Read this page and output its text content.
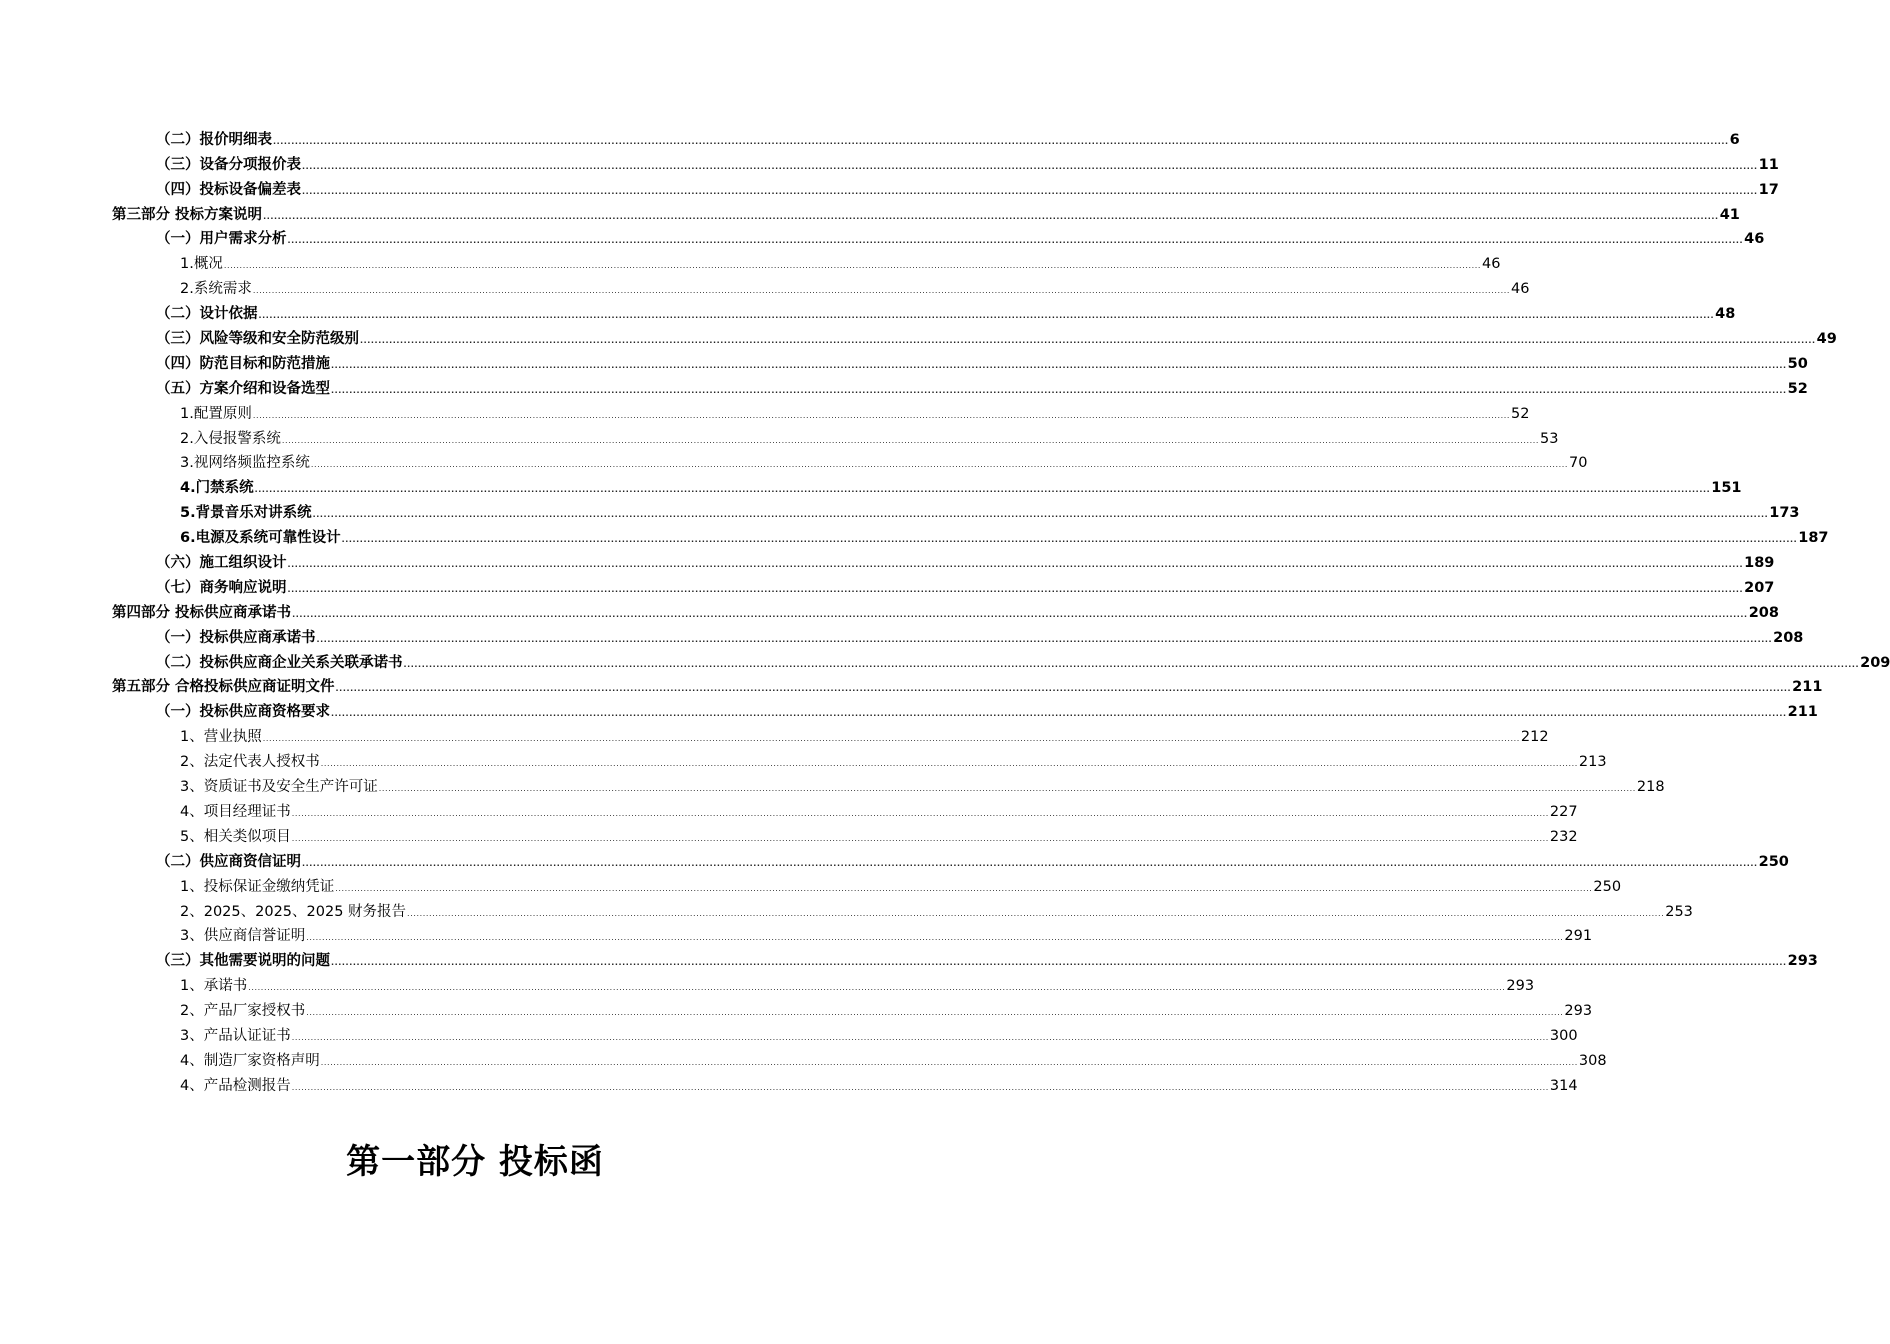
（二）报价明细表 ................................................................................................................................................................................................................................................................................................................................................................................................................ 6
（三）设备分项报价表 ................................................................................................................................................................................................................................................................................................................................................................................................................ 11
（四）投标设备偏差表 ................................................................................................................................................................................................................................................................................................................................................................................................................ 17
第三部分 投标方案说明 ................................................................................................................................................................................................................................................................................................................................................................................................................ 41
（一）用户需求分析 ................................................................................................................................................................................................................................................................................................................................................................................................................ 46
1.概况 ................................................................................................................................................................................................................................................................................................................................................................................................................ 46
2.系统需求 ................................................................................................................................................................................................................................................................................................................................................................................................................ 46
（二）设计依据 ................................................................................................................................................................................................................................................................................................................................................................................................................ 48
（三）风险等级和安全防范级别 ................................................................................................................................................................................................................................................................................................................................................................................................................ 49
（四）防范目标和防范措施 ................................................................................................................................................................................................................................................................................................................................................................................................................ 50
（五）方案介绍和设备选型 ................................................................................................................................................................................................................................................................................................................................................................................................................ 52
1.配置原则 ................................................................................................................................................................................................................................................................................................................................................................................................................ 52
2.入侵报警系统 ................................................................................................................................................................................................................................................................................................................................................................................................................ 53
3.视网络频监控系统 ................................................................................................................................................................................................................................................................................................................................................................................................................ 70
4.门禁系统 ................................................................................................................................................................................................................................................................................................................................................................................................................ 151
5.背景音乐对讲系统 ................................................................................................................................................................................................................................................................................................................................................................................................................ 173
6.电源及系统可靠性设计 ................................................................................................................................................................................................................................................................................................................................................................................................................ 187
（六）施工组织设计 ................................................................................................................................................................................................................................................................................................................................................................................................................ 189
（七）商务响应说明 ................................................................................................................................................................................................................................................................................................................................................................................................................ 207
第四部分 投标供应商承诺书 ................................................................................................................................................................................................................................................................................................................................................................................................................ 208
（一）投标供应商承诺书 ................................................................................................................................................................................................................................................................................................................................................................................................................ 208
（二）投标供应商企业关系关联承诺书 ................................................................................................................................................................................................................................................................................................................................................................................................................ 209
第五部分 合格投标供应商证明文件 ................................................................................................................................................................................................................................................................................................................................................................................................................ 211
（一）投标供应商资格要求 ................................................................................................................................................................................................................................................................................................................................................................................................................ 211
1、营业执照 ................................................................................................................................................................................................................................................................................................................................................................................................................ 212
2、法定代表人授权书 ................................................................................................................................................................................................................................................................................................................................................................................................................ 213
3、资质证书及安全生产许可证 ................................................................................................................................................................................................................................................................................................................................................................................................................ 218
4、项目经理证书 ................................................................................................................................................................................................................................................................................................................................................................................................................ 227
5、相关类似项目 ................................................................................................................................................................................................................................................................................................................................................................................................................ 232
（二）供应商资信证明 ................................................................................................................................................................................................................................................................................................................................................................................................................ 250
1、投标保证金缴纳凭证 ................................................................................................................................................................................................................................................................................................................................................................................................................ 250
2、2025、2025、2025 财务报告 ................................................................................................................................................................................................................................................................................................................................................................................................................ 253
3、供应商信誉证明 ................................................................................................................................................................................................................................................................................................................................................................................................................ 291
（三）其他需要说明的问题 ................................................................................................................................................................................................................................................................................................................................................................................................................ 293
1、承诺书 ................................................................................................................................................................................................................................................................................................................................................................................................................ 293
2、产品厂家授权书 ................................................................................................................................................................................................................................................................................................................................................................................................................ 293
3、产品认证证书 ................................................................................................................................................................................................................................................................................................................................................................................................................ 300
4、制造厂家资格声明 ................................................................................................................................................................................................................................................................................................................................................................................................................ 308
4、产品检测报告 ................................................................................................................................................................................................................................................................................................................................................................................................................ 314
第一部分 投标函
